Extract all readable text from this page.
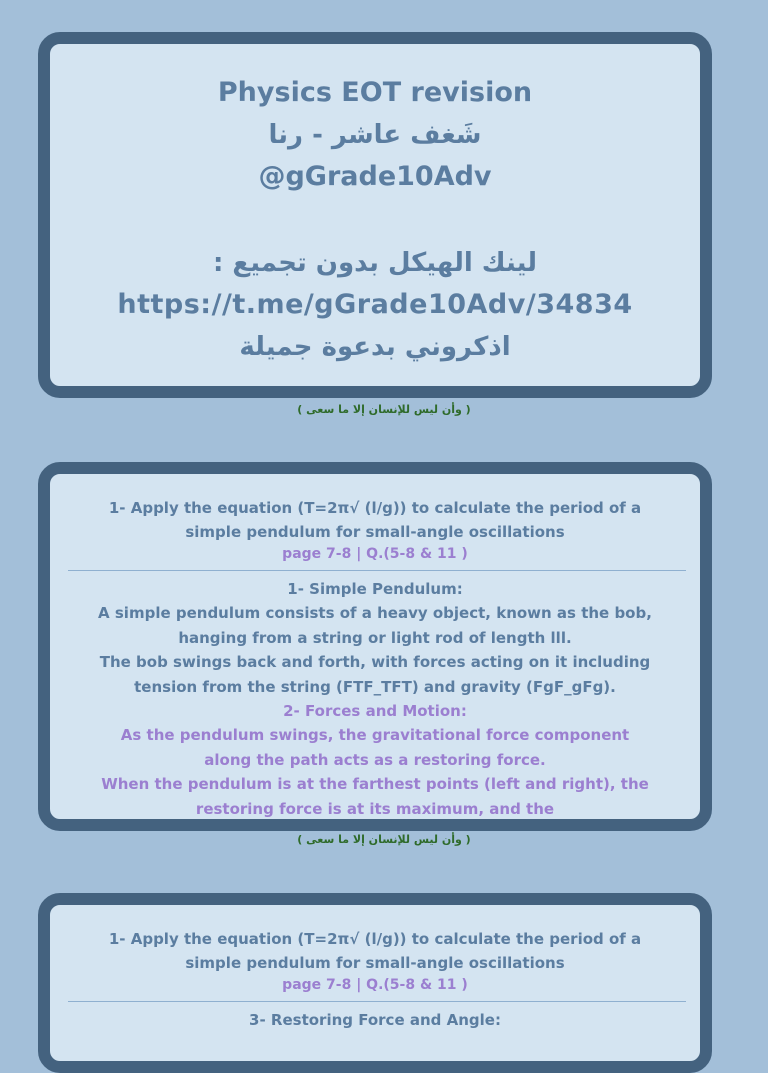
Physics EOT revision
شَغف عاشر - رنا
@gGrade10Adv
لينك الهيكل بدون تجميع :
https://t.me/gGrade10Adv/34834
اذكروني بدعوة جميلة
( وأن ليس للإنسان إلا ما سعى )
1- Apply the equation (T=2π√ (l/g)) to calculate the period of a
simple pendulum for small-angle oscillations
page 7-8 | Q.(5-8 & 11 )
1- Simple Pendulum:
A simple pendulum consists of a heavy object, known as the bob,
hanging from a string or light rod of length lll.
The bob swings back and forth, with forces acting on it including
tension from the string (FTF_TFT) and gravity (FgF_gFg).
2- Forces and Motion:
As the pendulum swings, the gravitational force component
along the path acts as a restoring force.
When the pendulum is at the farthest points (left and right), the
restoring force is at its maximum, and the
( وأن ليس للإنسان إلا ما سعى )
1- Apply the equation (T=2π√ (l/g)) to calculate the period of a
simple pendulum for small-angle oscillations
page 7-8 | Q.(5-8 & 11 )
3- Restoring Force and Angle:
